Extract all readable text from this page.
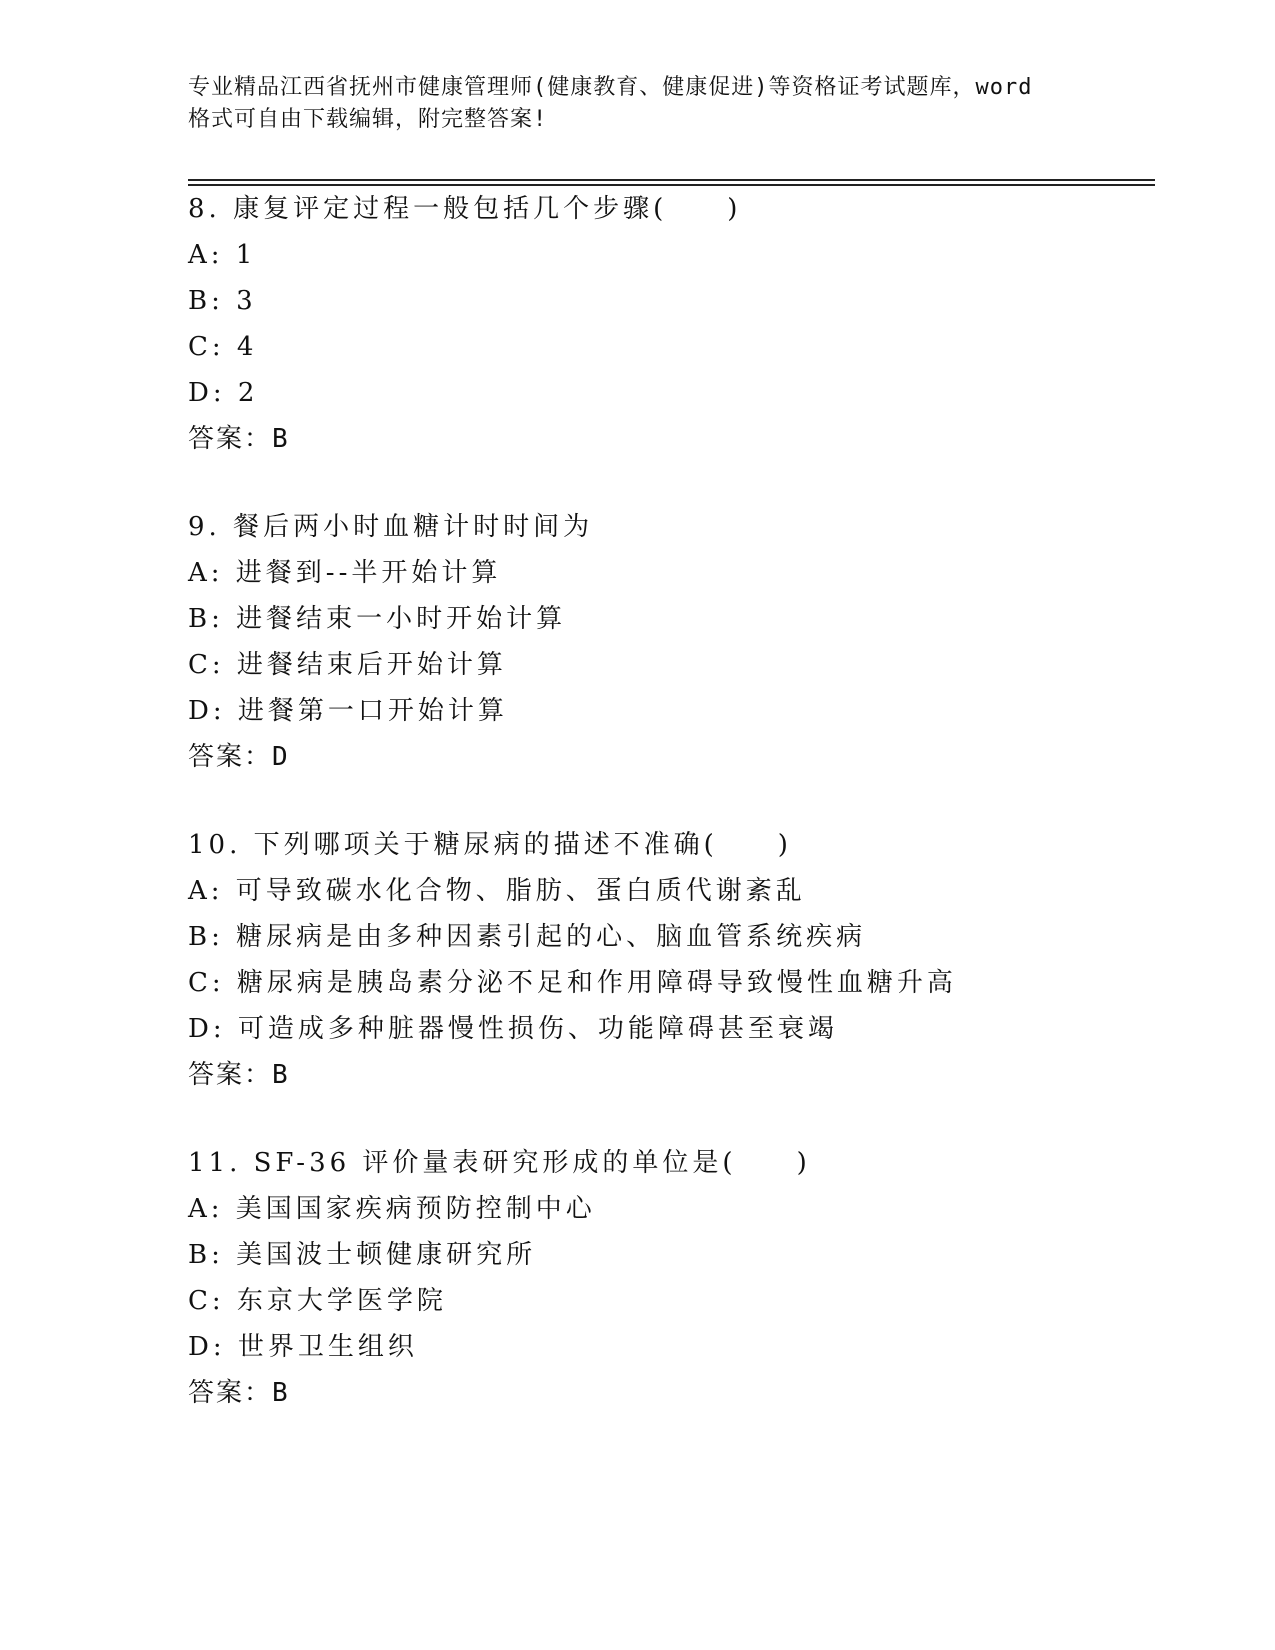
专业精品江西省抚州市健康管理师(健康教育、健康促进)等资格证考试题库，word
格式可自由下载编辑，附完整答案!
8. 康复评定过程一般包括几个步骤(　　)
A: 1
B: 3
C: 4
D: 2
答案：B
9. 餐后两小时血糖计时时间为
A: 进餐到--半开始计算
B: 进餐结束一小时开始计算
C: 进餐结束后开始计算
D: 进餐第一口开始计算
答案：D
10. 下列哪项关于糖尿病的描述不准确(　　)
A: 可导致碳水化合物、脂肪、蛋白质代谢紊乱
B: 糖尿病是由多种因素引起的心、脑血管系统疾病
C: 糖尿病是胰岛素分泌不足和作用障碍导致慢性血糖升高
D: 可造成多种脏器慢性损伤、功能障碍甚至衰竭
答案：B
11. SF-36 评价量表研究形成的单位是(　　)
A: 美国国家疾病预防控制中心
B: 美国波士顿健康研究所
C: 东京大学医学院
D: 世界卫生组织
答案：B
